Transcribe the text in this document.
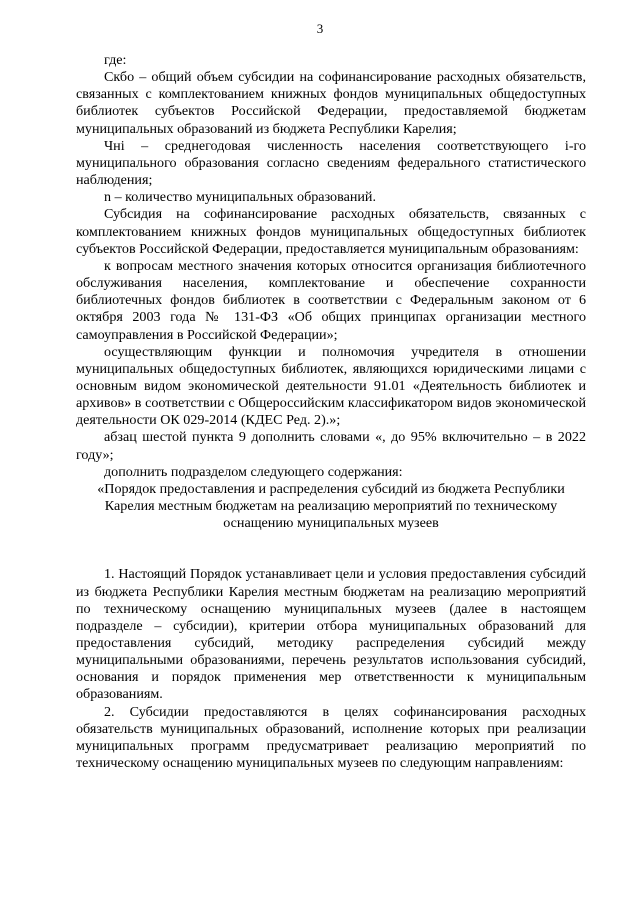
3

где:

Скбо – общий объем субсидии на софинансирование расходных обязательств, связанных с комплектованием книжных фондов муниципальных общедоступных библиотек субъектов Российской Федерации, предоставляемой бюджетам муниципальных образований из бюджета Республики Карелия;

Чнi – среднегодовая численность населения соответствующего i-го муниципального образования согласно сведениям федерального статистического наблюдения;

n – количество муниципальных образований.

Субсидия на софинансирование расходных обязательств, связанных с комплектованием книжных фондов муниципальных общедоступных библиотек субъектов Российской Федерации, предоставляется муниципальным образованиям:

к вопросам местного значения которых относится организация библиотечного обслуживания населения, комплектование и обеспечение сохранности библиотечных фондов библиотек в соответствии с Федеральным законом от 6 октября 2003 года № 131-ФЗ «Об общих принципах организации местного самоуправления в Российской Федерации»;

осуществляющим функции и полномочия учредителя в отношении муниципальных общедоступных библиотек, являющихся юридическими лицами с основным видом экономической деятельности 91.01 «Деятельность библиотек и архивов» в соответствии с Общероссийским классификатором видов экономической деятельности ОК 029-2014 (КДЕС Ред. 2).»;

абзац шестой пункта 9 дополнить словами «, до 95% включительно – в 2022 году»;

дополнить подразделом следующего содержания:

«Порядок предоставления и распределения субсидий из бюджета Республики Карелия местным бюджетам на реализацию мероприятий по техническому оснащению муниципальных музеев

1. Настоящий Порядок устанавливает цели и условия предоставления субсидий из бюджета Республики Карелия местным бюджетам на реализацию мероприятий по техническому оснащению муниципальных музеев (далее в настоящем подразделе – субсидии), критерии отбора муниципальных образований для предоставления субсидий, методику распределения субсидий между муниципальными образованиями, перечень результатов использования субсидий, основания и порядок применения мер ответственности к муниципальным образованиям.

2. Субсидии предоставляются в целях софинансирования расходных обязательств муниципальных образований, исполнение которых при реализации муниципальных программ предусматривает реализацию мероприятий по техническому оснащению муниципальных музеев по следующим направлениям:
